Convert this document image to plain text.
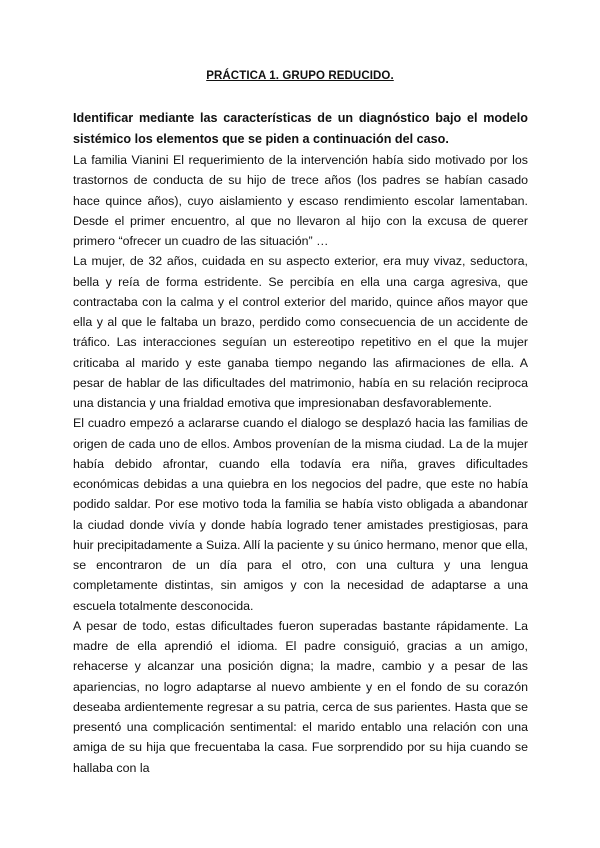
PRÁCTICA 1. GRUPO REDUCIDO.

Identificar mediante las características de un diagnóstico bajo el modelo sistémico los elementos que se piden a continuación del caso.

La familia Vianini El requerimiento de la intervención había sido motivado por los trastornos de conducta de su hijo de trece años (los padres se habían casado hace quince años), cuyo aislamiento y escaso rendimiento escolar lamentaban. Desde el primer encuentro, al que no llevaron al hijo con la excusa de querer primero “ofrecer un cuadro de las situación” …

La mujer, de 32 años, cuidada en su aspecto exterior, era muy vivaz, seductora, bella y reía de forma estridente. Se percibía en ella una carga agresiva, que contractaba con la calma y el control exterior del marido, quince años mayor que ella y al que le faltaba un brazo, perdido como consecuencia de un accidente de tráfico. Las interacciones seguían un estereotipo repetitivo en el que la mujer criticaba al marido y este ganaba tiempo negando las afirmaciones de ella. A pesar de hablar de las dificultades del matrimonio, había en su relación reciproca una distancia y una frialdad emotiva que impresionaban desfavorablemente.

El cuadro empezó a aclararse cuando el dialogo se desplazó hacia las familias de origen de cada uno de ellos. Ambos provenían de la misma ciudad. La de la mujer había debido afrontar, cuando ella todavía era niña, graves dificultades económicas debidas a una quiebra en los negocios del padre, que este no había podido saldar. Por ese motivo toda la familia se había visto obligada a abandonar la ciudad donde vivía y donde había logrado tener amistades prestigiosas, para huir precipitadamente a Suiza. Allí la paciente y su único hermano, menor que ella, se encontraron de un día para el otro, con una cultura y una lengua completamente distintas, sin amigos y con la necesidad de adaptarse a una escuela totalmente desconocida.

A pesar de todo, estas dificultades fueron superadas bastante rápidamente. La madre de ella aprendió el idioma. El padre consiguió, gracias a un amigo, rehacerse y alcanzar una posición digna; la madre, cambio y a pesar de las apariencias, no logro adaptarse al nuevo ambiente y en el fondo de su corazón deseaba ardientemente regresar a su patria, cerca de sus parientes. Hasta que se presentó una complicación sentimental: el marido entablo una relación con una amiga de su hija que frecuentaba la casa. Fue sorprendido por su hija cuando se hallaba con la
